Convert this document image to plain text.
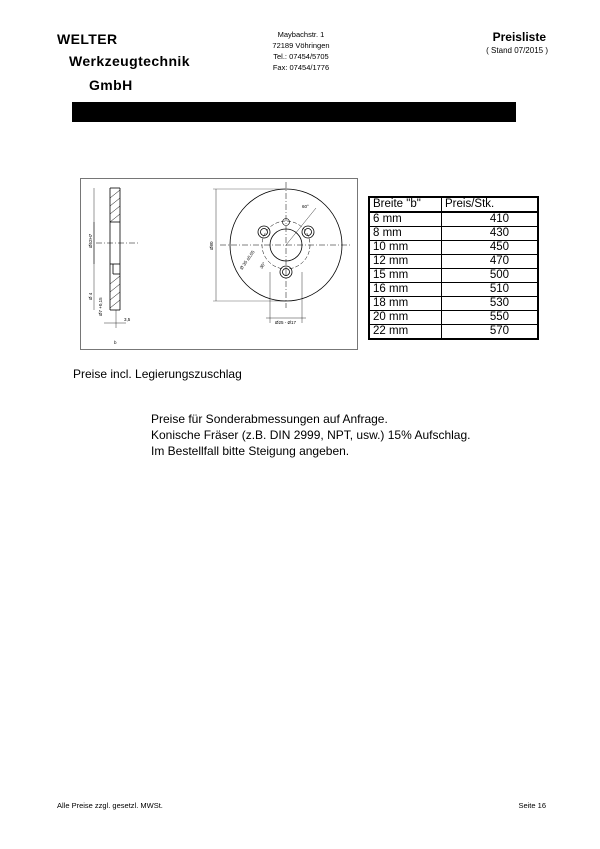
WELTER
Werkzeugtechnik
GmbH
Maybachstr. 1
72189 Vöhringen
Tel.: 07454/5705
Fax: 07454/1776
Preisliste
( Stand 07/2015 )
Ø52H7
Ø 4
Ø7 +0,15
3,5
b
Ø80
60°
30°
Ø 35 ±0,05
Ø25 - Ø17
Breite "b"	Preis/Stk.
6 mm	410
8 mm	430
10 mm	450
12 mm	470
15 mm	500
16 mm	510
18 mm	530
20 mm	550
22 mm	570
Preise incl. Legierungszuschlag
Preise für Sonderabmessungen auf Anfrage.
Konische Fräser (z.B. DIN 2999, NPT, usw.) 15% Aufschlag.
Im Bestellfall bitte Steigung angeben.
Alle Preise zzgl. gesetzl. MWSt.	Seite 16
